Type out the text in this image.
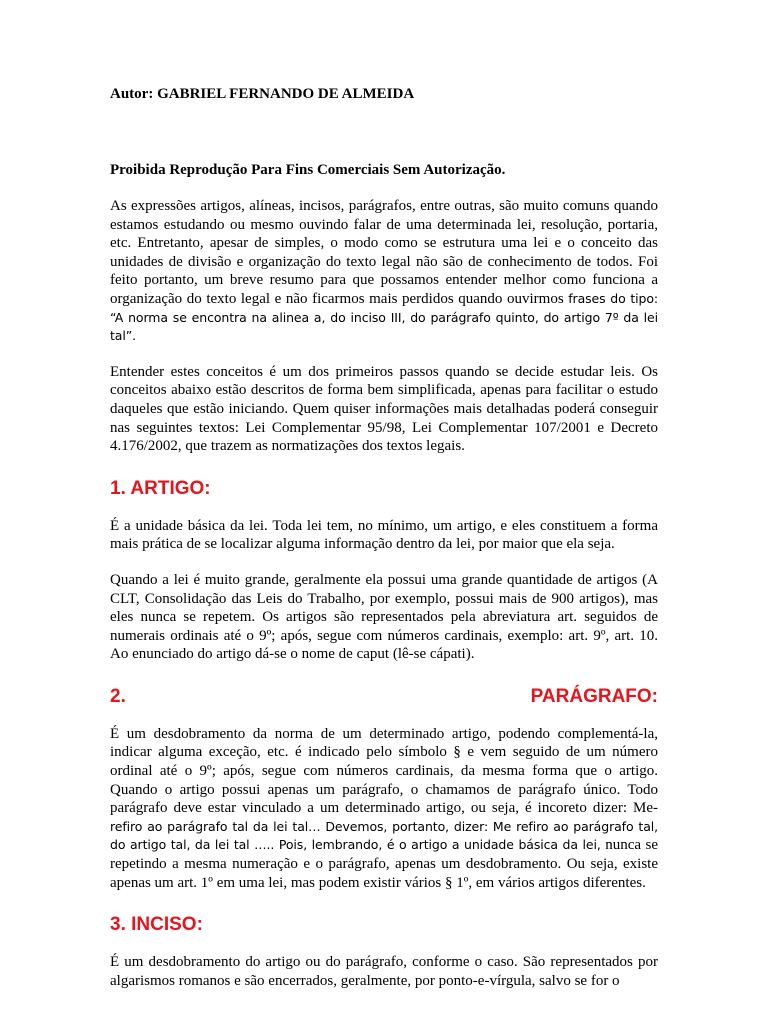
Autor: GABRIEL FERNANDO DE ALMEIDA

Proibida Reprodução Para Fins Comerciais Sem Autorização.

As expressões artigos, alíneas, incisos, parágrafos, entre outras, são muito comuns quando estamos estudando ou mesmo ouvindo falar de uma determinada lei, resolução, portaria, etc. Entretanto, apesar de simples, o modo como se estrutura uma lei e o conceito das unidades de divisão e organização do texto legal não são de conhecimento de todos. Foi feito portanto, um breve resumo para que possamos entender melhor como funciona a organização do texto legal e não ficarmos mais perdidos quando ouvirmos frases do tipo: “A norma se encontra na alinea a, do inciso III, do parágrafo quinto, do artigo 7º da lei tal”.

Entender estes conceitos é um dos primeiros passos quando se decide estudar leis. Os conceitos abaixo estão descritos de forma bem simplificada, apenas para facilitar o estudo daqueles que estão iniciando. Quem quiser informações mais detalhadas poderá conseguir nas seguintes textos: Lei Complementar 95/98, Lei Complementar 107/2001 e Decreto 4.176/2002, que trazem as normatizações dos textos legais.

1. ARTIGO:

É a unidade básica da lei. Toda lei tem, no mínimo, um artigo, e eles constituem a forma mais prática de se localizar alguma informação dentro da lei, por maior que ela seja.

Quando a lei é muito grande, geralmente ela possui uma grande quantidade de artigos (A CLT, Consolidação das Leis do Trabalho, por exemplo, possui mais de 900 artigos), mas eles nunca se repetem. Os artigos são representados pela abreviatura art. seguidos de numerais ordinais até o 9º; após, segue com números cardinais, exemplo: art. 9º, art. 10. Ao enunciado do artigo dá-se o nome de caput (lê-se cápati).

2.	PARÁGRAFO:

É um desdobramento da norma de um determinado artigo, podendo complementá-la, indicar alguma exceção, etc. é indicado pelo símbolo § e vem seguido de um número ordinal até o 9º; após, segue com números cardinais, da mesma forma que o artigo. Quando o artigo possui apenas um parágrafo, o chamamos de parágrafo único. Todo parágrafo deve estar vinculado a um determinado artigo, ou seja, é incoreto dizer: Me- refiro ao parágrafo tal da lei tal… Devemos, portanto, dizer: Me refiro ao parágrafo tal, do artigo tal, da lei tal ….. Pois, lembrando, é o artigo a unidade básica da lei, nunca se repetindo a mesma numeração e o parágrafo, apenas um desdobramento. Ou seja, existe apenas um art. 1º em uma lei, mas podem existir vários § 1º, em vários artigos diferentes.

3. INCISO:

É um desdobramento do artigo ou do parágrafo, conforme o caso. São representados por algarismos romanos e são encerrados, geralmente, por ponto-e-vírgula, salvo se for o
